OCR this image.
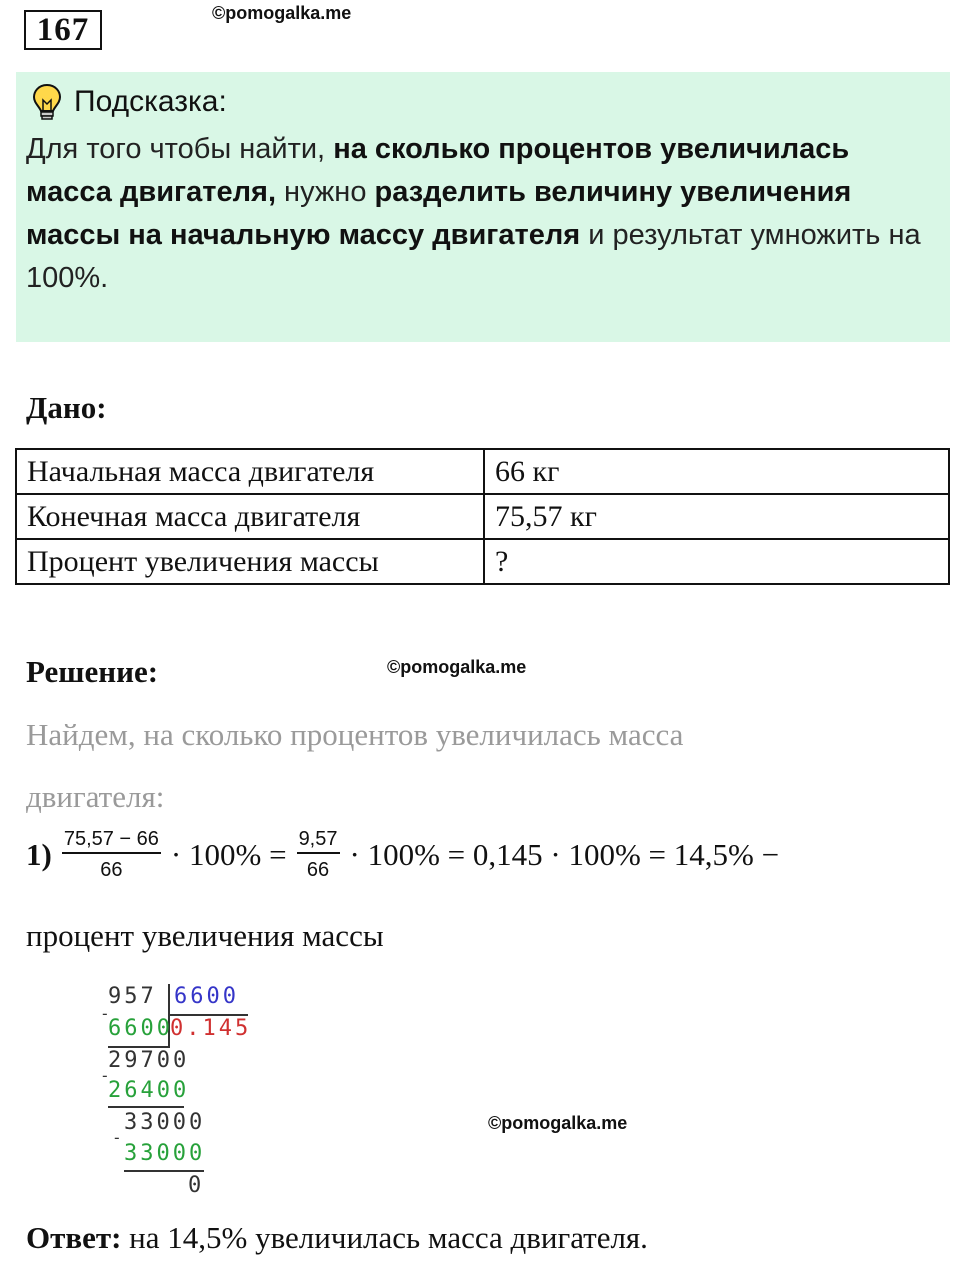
167	©pomogalka.me
Подсказка:
Для того чтобы найти, на сколько процентов увеличилась масса двигателя, нужно разделить величину увеличения массы на начальную массу двигателя и результат умножить на 100%.
Дано:
Начальная масса двигателя	66 кг
Конечная масса двигателя	75,57 кг
Процент увеличения массы	?
Решение:	©pomogalka.me
Найдем, на сколько процентов увеличилась масса
двигателя:
$1) \frac{75,57 - 66}{66} \cdot 100\% = \frac{9,57}{66} \cdot 100\% = 0,145 \cdot 100\% = 14,5\%$ −
процент увеличения массы
957 6600
-
6600
0.145
29700
-
26400
33000
-
33000
0
©pomogalka.me
Ответ: на 14,5% увеличилась масса двигателя.
